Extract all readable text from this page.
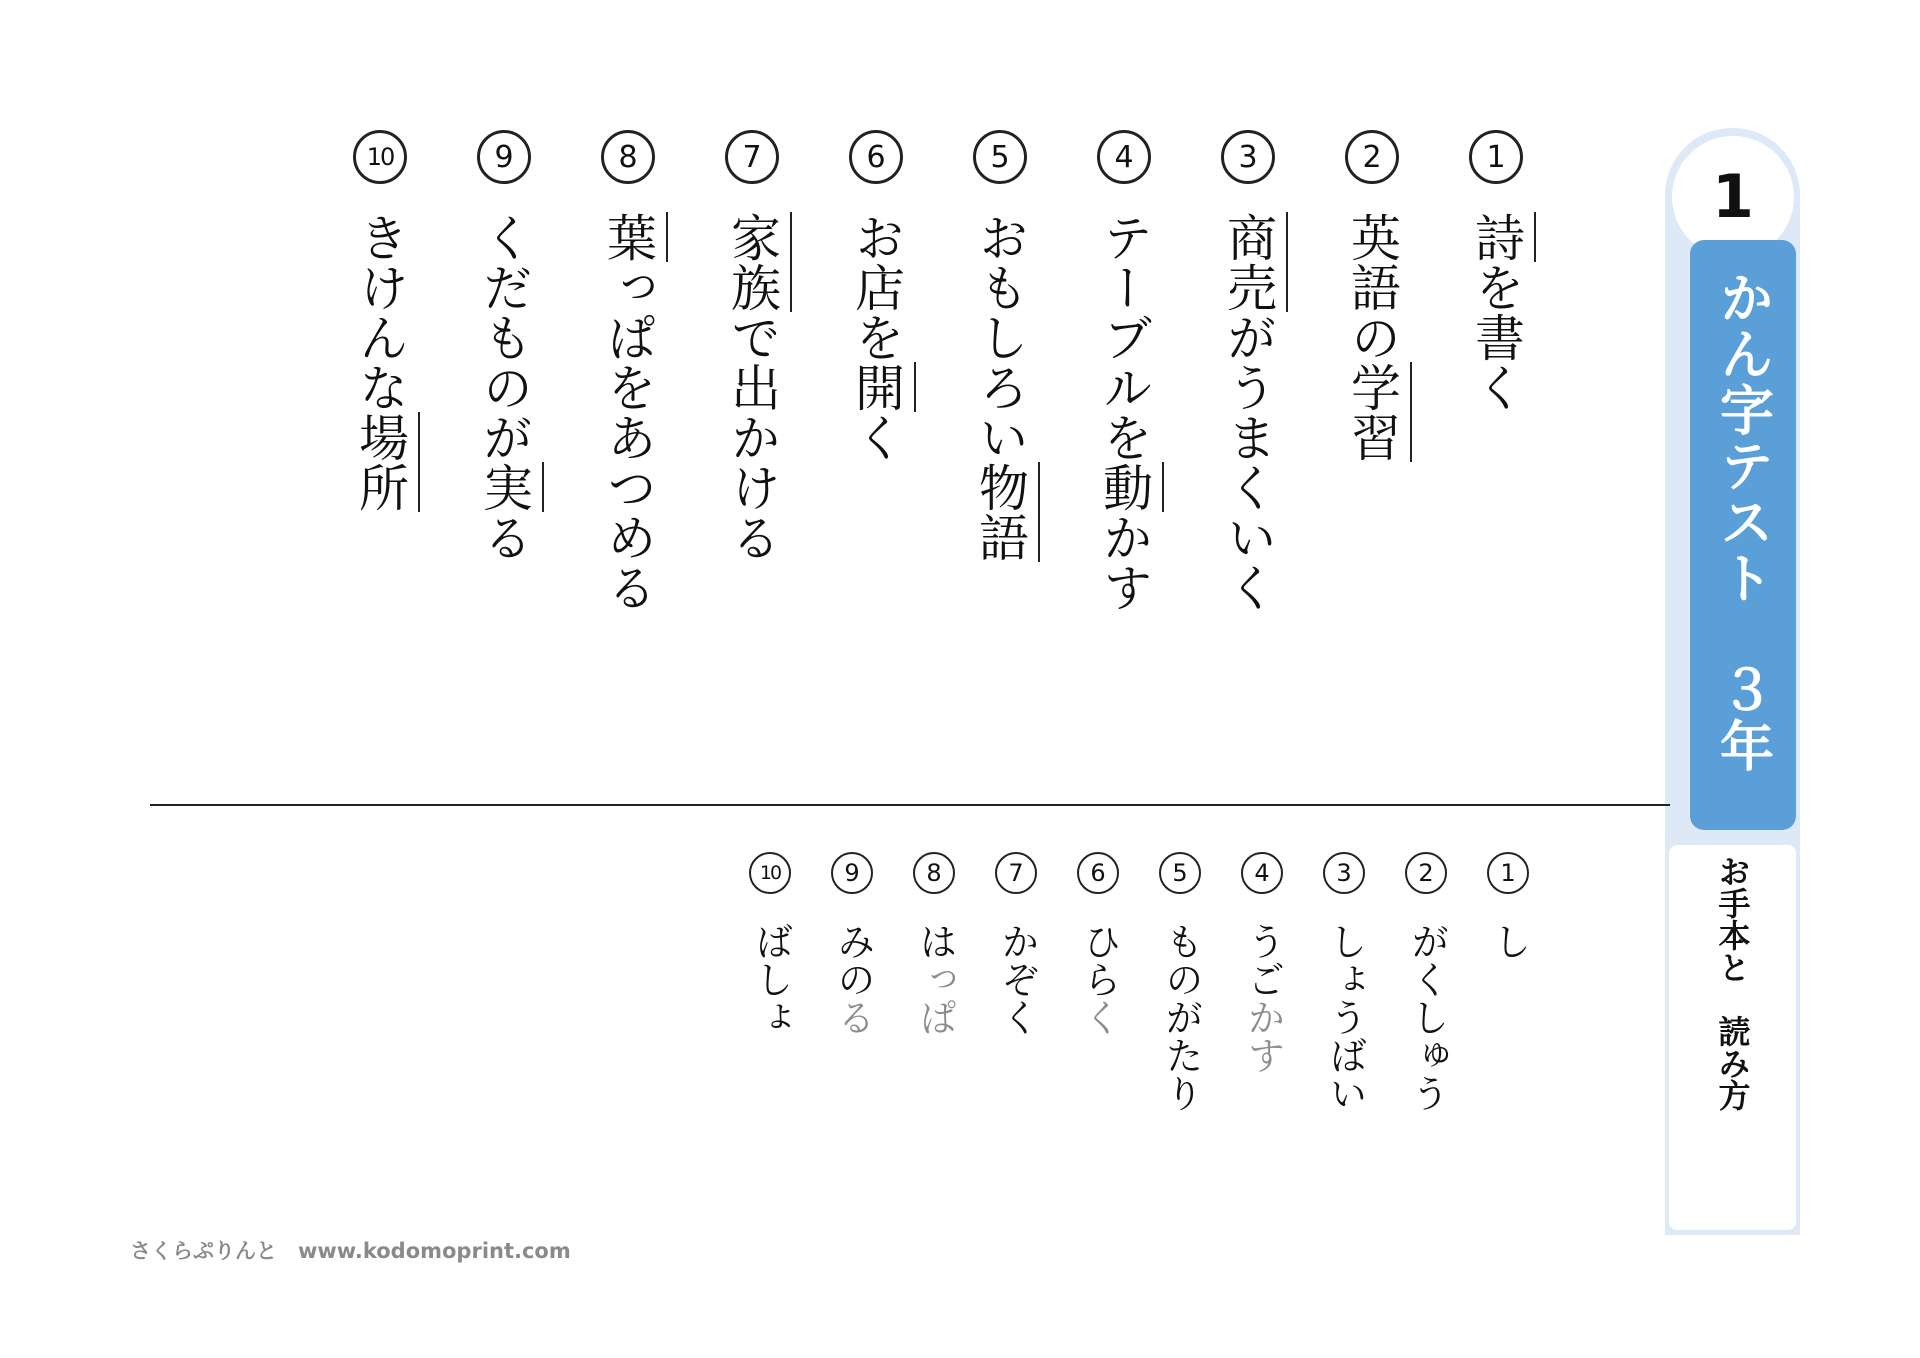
1
かん字テスト　３年
お手本と　読み方
1
詩を書く
2
英語の学習
3
商売がうまくいく
4
テーブルを動かす
5
おもしろい物語
6
お店を開く
7
家族で出かける
8
葉っぱをあつめる
9
くだものが実る
10
きけんな場所
1
し
2
がくしゅう
3
しょうばい
4
うごかす
5
ものがたり
6
ひらく
7
かぞく
8
はっぱ
9
みのる
10
ばしょ
さくらぷりんと　www.kodomoprint.com
